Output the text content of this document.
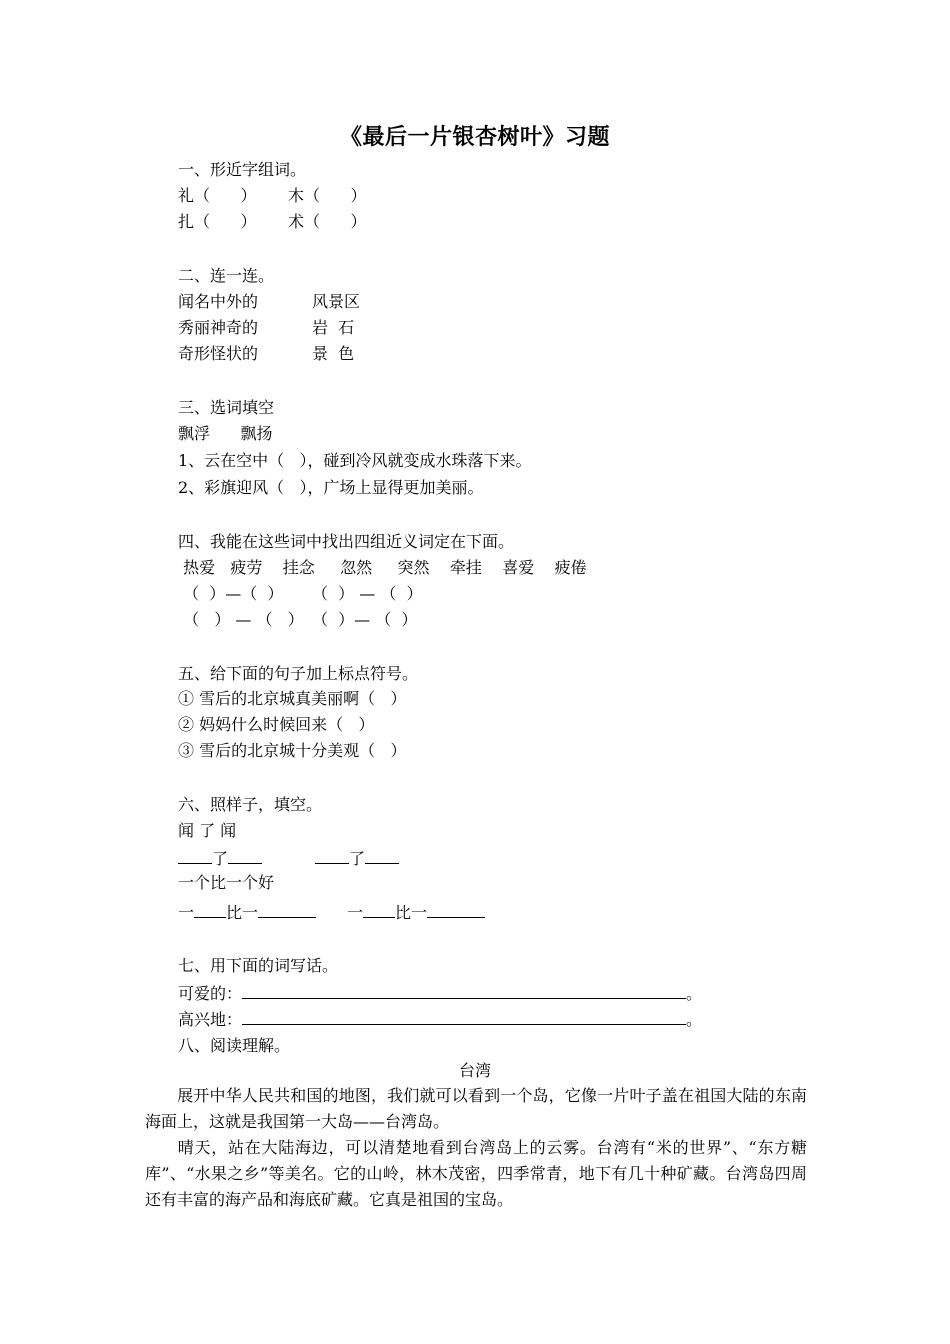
《最后一片银杏树叶》习题
一、形近字组词。
礼（      ） 木（      ）
扎（      ） 术（      ）
二、连一连。
闻名中外的	风景区
秀丽神奇的	岩  石
奇形怪状的	景  色
三、选词填空
飘浮      飘扬
1、云在空中（   ），碰到冷风就变成水珠落下来。
2、彩旗迎风（   ），广场上显得更加美丽。
四、我能在这些词中找出四组近义词定在下面。
热爱   疲劳    挂念     忽然     突然    牵挂    喜爱    疲倦
（  ）—（  ） （  ） — （  ）
（   ） — （   ） （  ）— （  ）
五、给下面的句子加上标点符号。
① 雪后的北京城真美丽啊（   ）
② 妈妈什么时候回来（   ）
③ 雪后的北京城十分美观（   ）
六、照样子，填空。
闻 了 闻
了	了
一个比一个好
一 比一	一 比一
七、用下面的词写话。
可爱的：	。
高兴地：	。
八、阅读理解。
台湾
展开中华人民共和国的地图，我们就可以看到一个岛，它像一片叶子盖在祖国大陆的东南海面上，这就是我国第一大岛——台湾岛。
晴天，站在大陆海边，可以清楚地看到台湾岛上的云雾。台湾有“米的世界”、“东方糖库”、“水果之乡”等美名。它的山岭，林木茂密，四季常青，地下有几十种矿藏。台湾岛四周还有丰富的海产品和海底矿藏。它真是祖国的宝岛。
